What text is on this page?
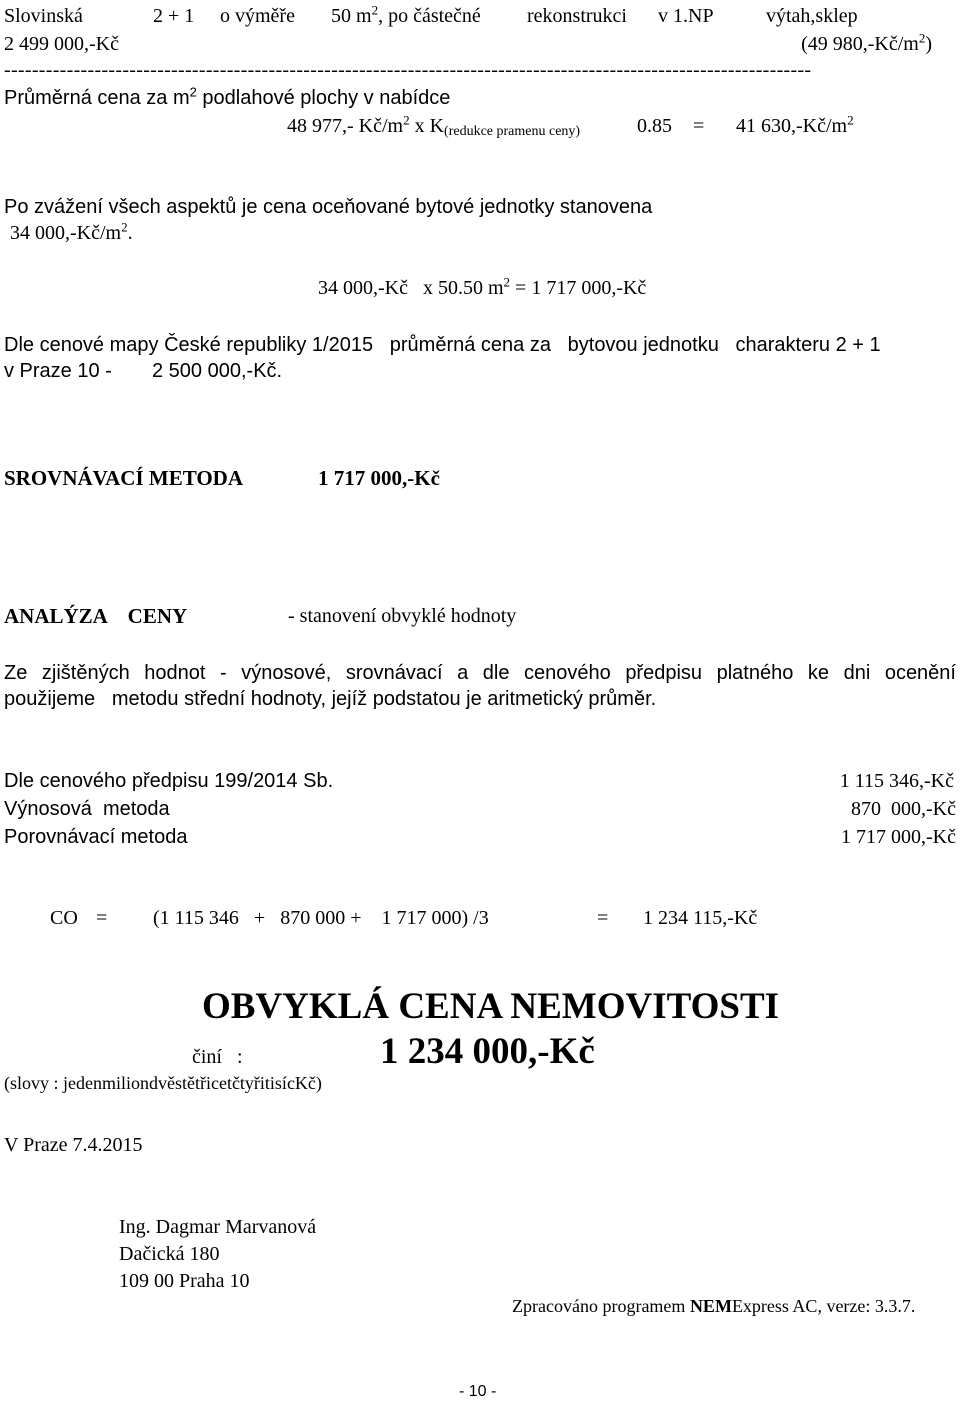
Slovinská	2 + 1 o výměře 50 $m^2$, po částečné rekonstrukci v 1.NP	výtah,sklep
2 499 000,-Kč	(49 $980,-Kč/m^2$)
--------------------------------------------------------------------------------------------------------------------
Průměrná cena za $m^2$ podlahové plochy v nabídce
48 977,- $Kč/m^2$ x $K_{(redukce pramenu ceny)}$	0.85 = 41 $630,-Kč/m^2$
Po zvážení všech aspektů je cena oceňované bytové jednotky stanovena
34 $000,-Kč/m^2$.
34 000,-Kč   x 50.50 $m^2 = 1$ 717 000,-Kč
Dle cenové mapy České republiky 1/2015   průměrná cena za   bytovou jednotku   charakteru 2 + 1
v Praze 10 - 2 500 000,-Kč.
SROVNÁVACÍ METODA	1 717 000,-Kč
ANALÝZA    CENY	- stanovení obvyklé hodnoty
Ze zjištěných hodnot - výnosové, srovnávací a dle cenového předpisu platného ke dni ocenění
použijeme   metodu střední hodnoty, jejíž podstatou je aritmetický průměr.
Dle cenového předpisu 199/2014 Sb.	1 115 346,-Kč
Výnosová  metoda	870  000,-Kč
Porovnávací metoda	1 717 000,-Kč
CO = (1 115 346   +   870 000 +    1 717 000) /3	= 1 234 115,-Kč
OBVYKLÁ CENA NEMOVITOSTI
činí   :	1 234 000,-Kč
(slovy : jedenmiliondvěstětřicetčtyřitisícKč)
V Praze 7.4.2015
Ing. Dagmar Marvanová
Dačická 180
109 00 Praha 10
Zpracováno programem NEMExpress AC, verze: 3.3.7.
- 10 -
